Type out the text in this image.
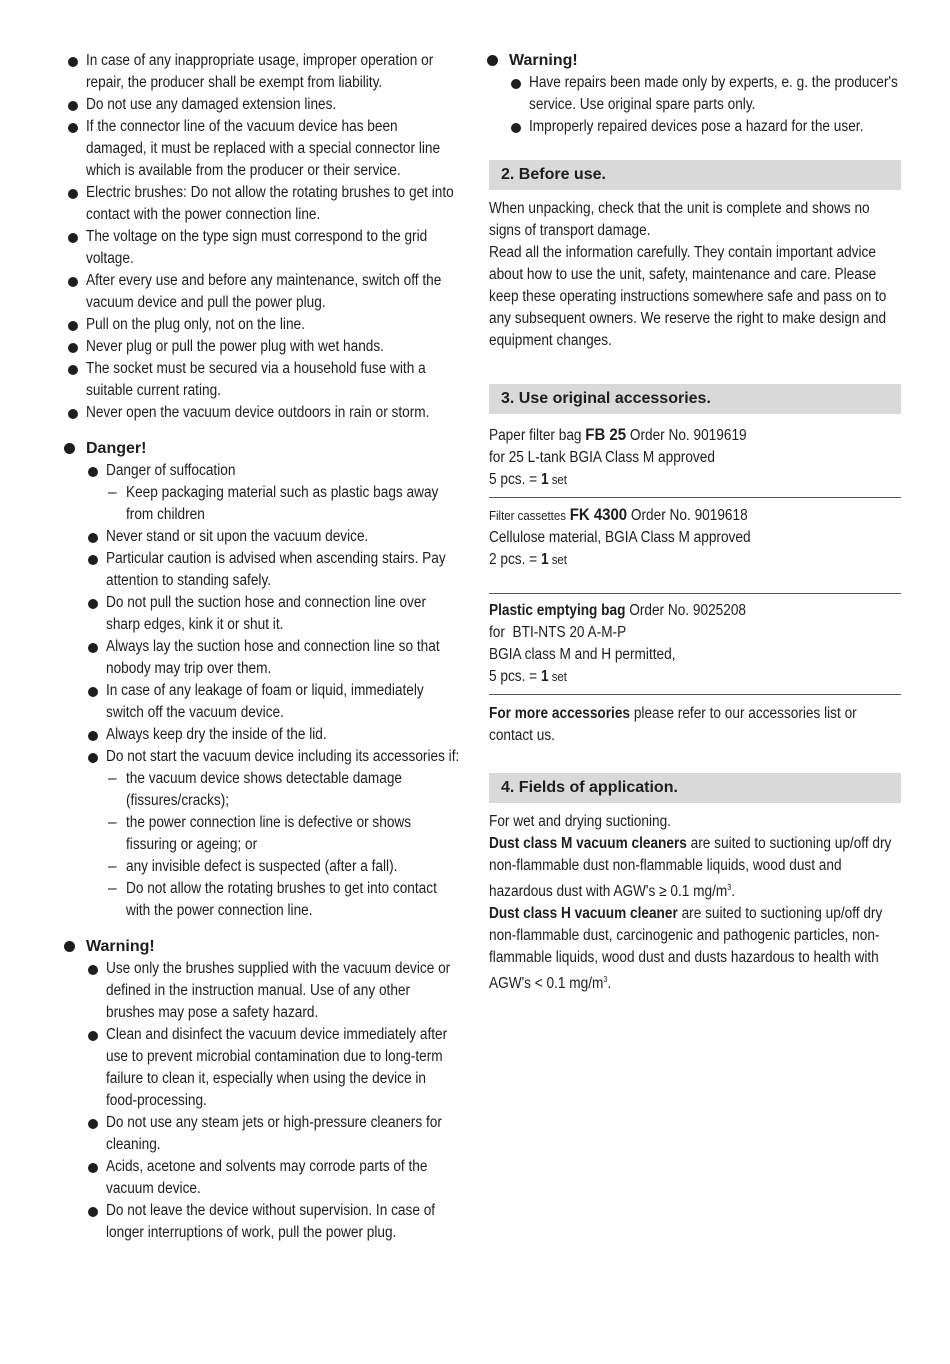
In case of any inappropriate usage, improper operation or repair, the producer shall be exempt from liability.
Do not use any damaged extension lines.
If the connector line of the vacuum device has been damaged, it must be replaced with a special connector line which is available from the producer or their service.
Electric brushes: Do not allow the rotating brushes to get into contact with the power connection line.
The voltage on the type sign must correspond to the grid voltage.
After every use and before any maintenance, switch off the vacuum device and pull the power plug.
Pull on the plug only, not on the line.
Never plug or pull the power plug with wet hands.
The socket must be secured via a household fuse with a suitable current rating.
Never open the vacuum device outdoors in rain or storm.
Danger!
Danger of suffocation
– Keep packaging material such as plastic bags away from children
Never stand or sit upon the vacuum device.
Particular caution is advised when ascending stairs. Pay attention to standing safely.
Do not pull the suction hose and connection line over sharp edges, kink it or shut it.
Always lay the suction hose and connection line so that nobody may trip over them.
In case of any leakage of foam or liquid, immediately switch off the vacuum device.
Always keep dry the inside of the lid.
Do not start the vacuum device including its accessories if:
– the vacuum device shows detectable damage (fissures/cracks);
– the power connection line is defective or shows fissuring or ageing; or
– any invisible defect is suspected (after a fall).
– Do not allow the rotating brushes to get into contact with the power connection line.
Warning!
Use only the brushes supplied with the vacuum device or defined in the instruction manual. Use of any other brushes may pose a safety hazard.
Clean and disinfect the vacuum device immediately after use to prevent microbial contamination due to long-term failure to clean it, especially when using the device in food-processing.
Do not use any steam jets or high-pressure cleaners for cleaning.
Acids, acetone and solvents may corrode parts of the vacuum device.
Do not leave the device without supervision. In case of longer interruptions of work, pull the power plug.
Warning!
Have repairs been made only by experts, e. g. the producer's service. Use original spare parts only.
Improperly repaired devices pose a hazard for the user.
2. Before use.
When unpacking, check that the unit is complete and shows no signs of transport damage.
Read all the information carefully. They contain important advice about how to use the unit, safety, maintenance and care. Please keep these operating instructions somewhere safe and pass on to any subsequent owners. We reserve the right to make design and equipment changes.
3. Use original accessories.
Paper filter bag FB 25 Order No. 9019619
for 25 L-tank BGIA Class M approved
5 pcs. = 1 set
Filter cassettes FK 4300 Order No. 9019618
Cellulose material, BGIA Class M approved
2 pcs. = 1 set
Plastic emptying bag Order No. 9025208
for BTI-NTS 20 A-M-P
BGIA class M and H permitted,
5 pcs. = 1 set
For more accessories please refer to our accessories list or contact us.
4. Fields of application.
For wet and drying suctioning.
Dust class M vacuum cleaners are suited to suctioning up/off dry non-flammable dust non-flammable liquids, wood dust and hazardous dust with AGW's ≥ 0.1 $mg/m^3$.
Dust class H vacuum cleaner are suited to suctioning up/off dry non-flammable dust, carcinogenic and pathogenic particles, non-flammable liquids, wood dust and dusts hazardous to health with AGW's < 0.1 $mg/m^3$.
